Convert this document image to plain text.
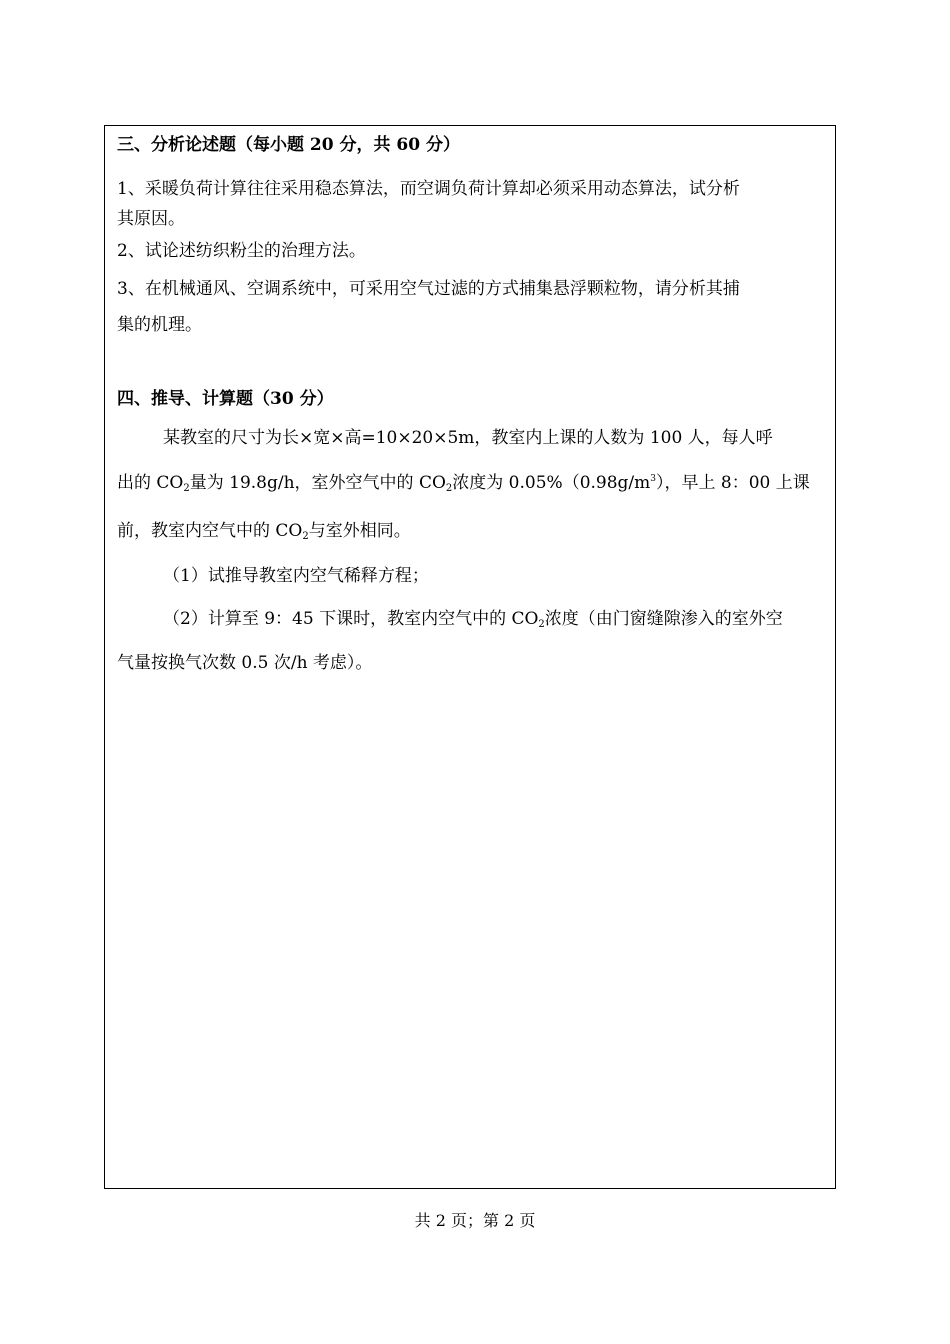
三、分析论述题（每小题 20 分，共 60 分）
1、采暖负荷计算往往采用稳态算法，而空调负荷计算却必须采用动态算法，试分析
其原因。
2、试论述纺织粉尘的治理方法。
3、在机械通风、空调系统中，可采用空气过滤的方式捕集悬浮颗粒物，请分析其捕
集的机理。
四、推导、计算题（30 分）
某教室的尺寸为长×宽×高=10×20×5m，教室内上课的人数为 100 人，每人呼
出的 $CO_2$量为 19.8g/h，室外空气中的 $CO_2$浓度为 $0.05\%(0.98g/m^3)$，早上 8：00 上课
前，教室内空气中的 $CO_2$与室外相同。
（1）试推导教室内空气稀释方程；
（2）计算至 9：45 下课时，教室内空气中的 $CO_2$浓度（由门窗缝隙渗入的室外空
气量按换气次数 0.5 次/h 考虑）。
共 2 页；第 2 页
